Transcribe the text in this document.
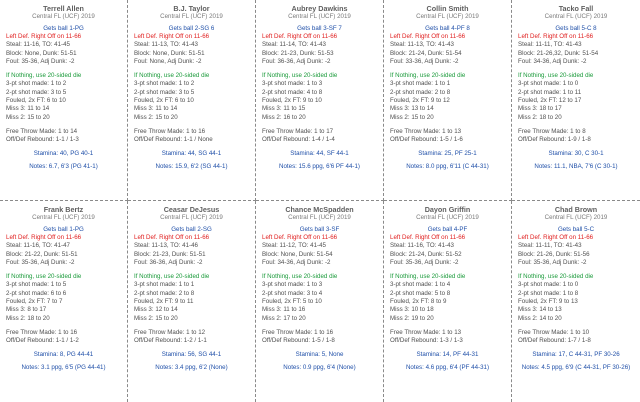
Terrell Allen
Central FL (UCF) 2019
Gets ball 1-PG
Left Def. Right Off on 11-66
Steal: 11-16, TO: 41-45
Block: None, Dunk: 51-51
Foul: 35-36, Adj Dunk: -2
If Nothing, use 20-sided die
3-pt shot made: 1 to 2
2-pt shot made: 3 to 5
Fouled, 2x FT: 6 to 10
Miss 3: 11 to 14
Miss 2: 15 to 20
Free Throw Made: 1 to 14
Off/Def Rebound: 1-1 / 1-3
Stamina: 40, PG 40-1
Notes: 6.7, 6'3 (PG 41-1)
B.J. Taylor
Central FL (UCF) 2019
Gets ball 2-SG 6
Left Def. Right Off on 11-66
Steal: 11-13, TO: 41-43
Block: None, Dunk: 51-51
Foul: None, Adj Dunk: -2
If Nothing, use 20-sided die
3-pt shot made: 1 to 2
2-pt shot made: 3 to 5
Fouled, 2x FT: 6 to 10
Miss 3: 11 to 14
Miss 2: 15 to 20
Free Throw Made: 1 to 16
Off/Def Rebound: 1-1 / None
Stamina: 44, SG 44-1
Notes: 15.9, 6'2 (SG 44-1)
Aubrey Dawkins
Central FL (UCF) 2019
Gets ball 3-SF 7
Left Def. Right Off on 11-66
Steal: 11-14, TO: 41-43
Block: 21-23, Dunk: 51-53
Foul: 36-36, Adj Dunk: -2
If Nothing, use 20-sided die
3-pt shot made: 1 to 3
2-pt shot made: 4 to 8
Fouled, 2x FT: 9 to 10
Miss 3: 11 to 15
Miss 2: 16 to 20
Free Throw Made: 1 to 17
Off/Def Rebound: 1-4 / 1-4
Stamina: 44, SF 44-1
Notes: 15.6 ppg, 6'6 PF 44-1)
Collin Smith
Central FL (UCF) 2019
Gets ball 4-PF 8
Left Def. Right Off on 11-66
Steal: 11-13, TO: 41-43
Block: 21-24, Dunk: 51-54
Foul: 33-36, Adj Dunk: -2
If Nothing, use 20-sided die
3-pt shot made: 1 to 1
2-pt shot made: 2 to 8
Fouled, 2x FT: 9 to 12
Miss 3: 13 to 14
Miss 2: 15 to 20
Free Throw Made: 1 to 13
Off/Def Rebound: 1-5 / 1-6
Stamina: 25, PF 25-1
Notes: 8.0 ppg, 6'11 (C 44-31)
Tacko Fall
Central FL (UCF) 2019
Gets ball 5-C 8
Left Def. Right Off on 11-66
Steal: 11-11, TO: 41-43
Block: 21-26,32, Dunk: 51-54
Foul: 34-36, Adj Dunk: -2
If Nothing, use 20-sided die
3-pt shot made: 1 to 0
2-pt shot made: 1 to 11
Fouled, 2x FT: 12 to 17
Miss 3: 18 to 17
Miss 2: 18 to 20
Free Throw Made: 1 to 8
Off/Def Rebound: 1-9 / 1-8
Stamina: 30, C 30-1
Notes: 11.1, NBA, 7'6 (C 30-1)
Frank Bertz
Central FL (UCF) 2019
Gets ball 1-PG
Left Def. Right Off on 11-66
Steal: 11-16, TO: 41-47
Block: 21-22, Dunk: 51-51
Foul: 35-36, Adj Dunk: -2
If Nothing, use 20-sided die
3-pt shot made: 1 to 5
2-pt shot made: 6 to 6
Fouled, 2x FT: 7 to 7
Miss 3: 8 to 17
Miss 2: 18 to 20
Free Throw Made: 1 to 16
Off/Def Rebound: 1-1 / 1-2
Stamina: 8, PG 44-41
Notes: 3.1 ppg, 6'5 (PG 44-41)
Ceasar DeJesus
Central FL (UCF) 2019
Gets ball 2-SG
Left Def. Right Off on 11-66
Steal: 11-13, TO: 41-46
Block: 21-23, Dunk: 51-51
Foul: 36-36, Adj Dunk: -2
If Nothing, use 20-sided die
3-pt shot made: 1 to 1
2-pt shot made: 2 to 8
Fouled, 2x FT: 9 to 11
Miss 3: 12 to 14
Miss 2: 15 to 20
Free Throw Made: 1 to 12
Off/Def Rebound: 1-2 / 1-1
Stamina: 56, SG 44-1
Notes: 3.4 ppg, 6'2 (None)
Chance McSpadden
Central FL (UCF) 2019
Gets ball 3-SF
Left Def. Right Off on 11-66
Steal: 11-12, TO: 41-45
Block: None, Dunk: 51-54
Foul: 34-36, Adj Dunk: -2
If Nothing, use 20-sided die
3-pt shot made: 1 to 3
2-pt shot made: 3 to 4
Fouled, 2x FT: 5 to 10
Miss 3: 11 to 16
Miss 2: 17 to 20
Free Throw Made: 1 to 16
Off/Def Rebound: 1-5 / 1-8
Stamina: 5, None
Notes: 0.9 ppg, 6'4 (None)
Dayon Griffin
Central FL (UCF) 2019
Gets ball 4-PF
Left Def. Right Off on 11-66
Steal: 11-16, TO: 41-43
Block: 21-24, Dunk: 51-52
Foul: 35-36, Adj Dunk: -2
If Nothing, use 20-sided die
3-pt shot made: 1 to 4
2-pt shot made: 5 to 8
Fouled, 2x FT: 8 to 9
Miss 3: 10 to 18
Miss 2: 19 to 20
Free Throw Made: 1 to 13
Off/Def Rebound: 1-3 / 1-3
Stamina: 14, PF 44-31
Notes: 4.6 ppg, 6'4 (PF 44-31)
Chad Brown
Central FL (UCF) 2019
Gets ball 5-C
Left Def. Right Off on 11-66
Steal: 11-11, TO: 41-43
Block: 21-26, Dunk: 51-56
Foul: 35-36, Adj Dunk: -2
If Nothing, use 20-sided die
3-pt shot made: 1 to 0
2-pt shot made: 1 to 8
Fouled, 2x FT: 9 to 13
Miss 3: 14 to 13
Miss 2: 14 to 20
Free Throw Made: 1 to 10
Off/Def Rebound: 1-7 / 1-8
Stamina: 17, C 44-31, PF 30-26
Notes: 4.5 ppg, 6'9 (C 44-31, PF 30-26)
